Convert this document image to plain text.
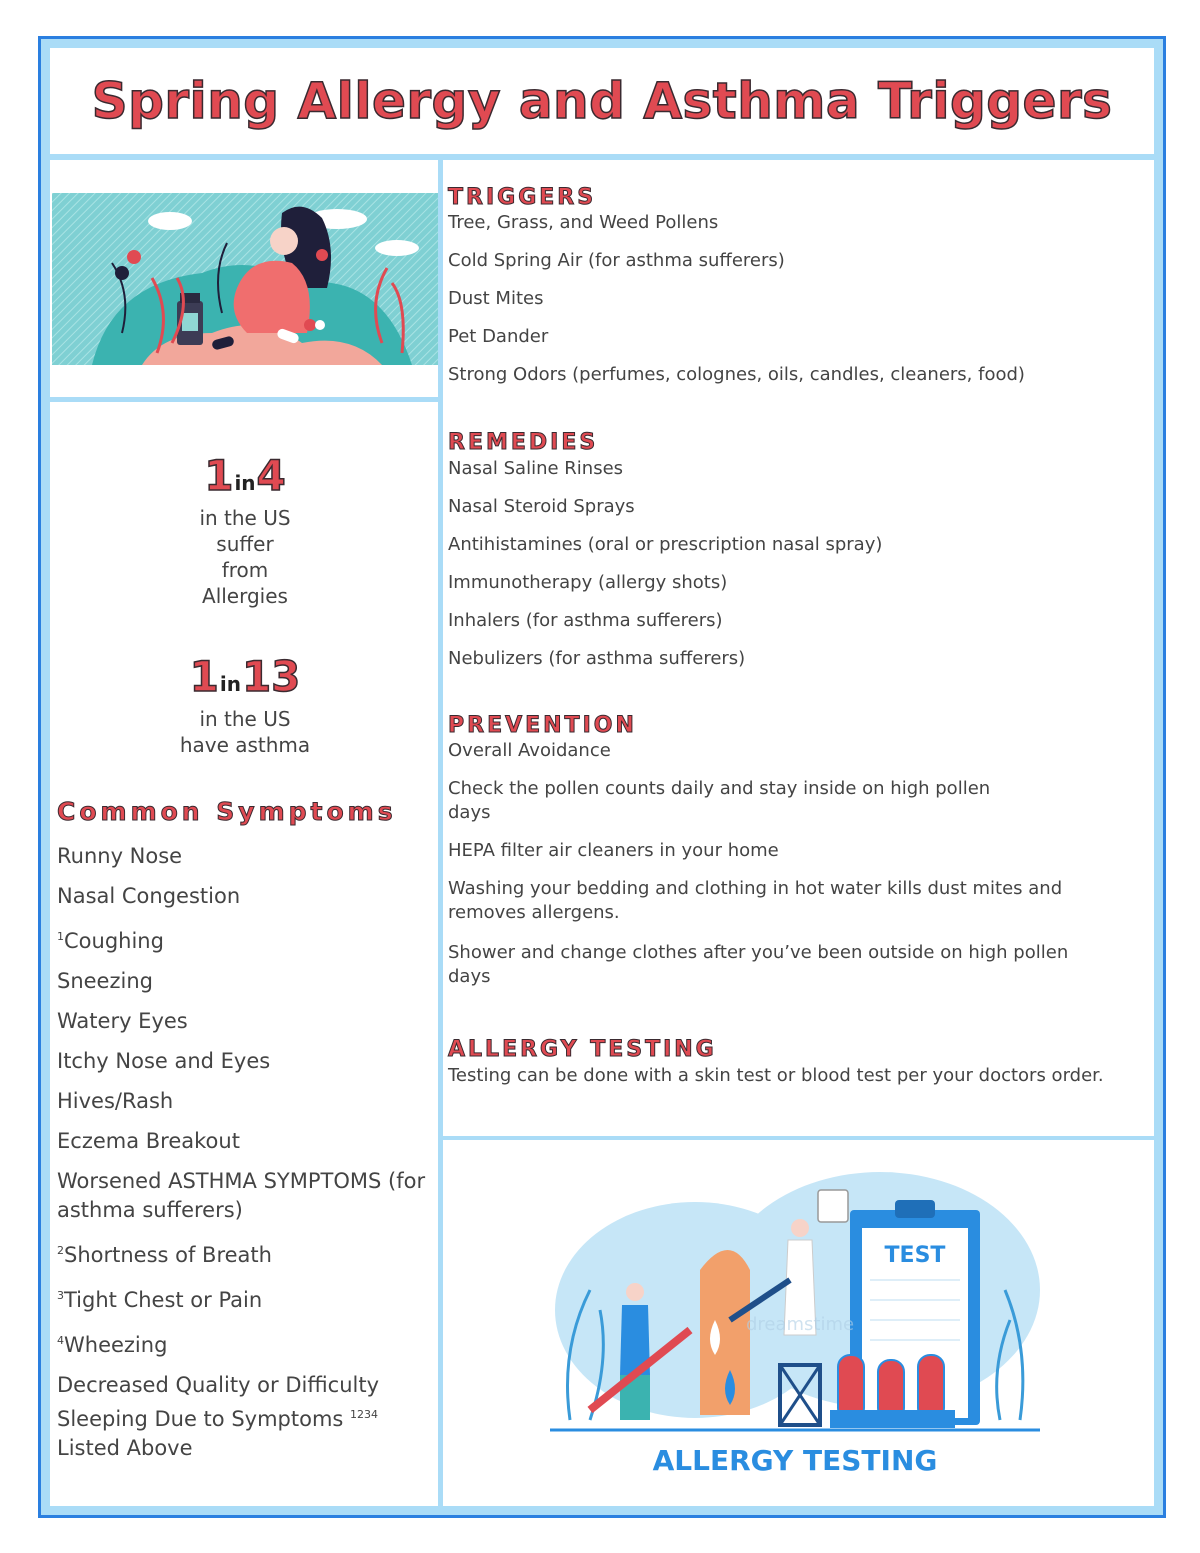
Spring Allergy and Asthma Triggers
1in4
in the US
suffer
from
Allergies
1in13
in the US
have asthma
Common Symptoms
Runny Nose
Nasal Congestion
$^1$Coughing
Sneezing
Watery Eyes
Itchy Nose and Eyes
Hives/Rash
Eczema Breakout
Worsened ASTHMA SYMPTOMS (for asthma sufferers)
$^2$Shortness of Breath
$^3$Tight Chest or Pain
$^4$Wheezing
Decreased Quality or Difficulty Sleeping Due to Symptoms $^{1234}$ Listed Above
TRIGGERS
Tree, Grass, and Weed Pollens
Cold Spring Air (for asthma sufferers)
Dust Mites
Pet Dander
Strong Odors (perfumes, colognes, oils, candles, cleaners, food)
REMEDIES
Nasal Saline Rinses
Nasal Steroid Sprays
Antihistamines (oral or prescription nasal spray)
Immunotherapy (allergy shots)
Inhalers (for asthma sufferers)
Nebulizers (for asthma sufferers)
PREVENTION
Overall Avoidance
Check the pollen counts daily and stay inside on high pollen days
HEPA filter air cleaners in your home
Washing your bedding and clothing in hot water kills dust mites and removes allergens.
Shower and change clothes after you’ve been outside on high pollen days
ALLERGY TESTING
Testing can be done with a skin test or blood test per your doctors order.
TEST
dreamstime
ALLERGY TESTING
